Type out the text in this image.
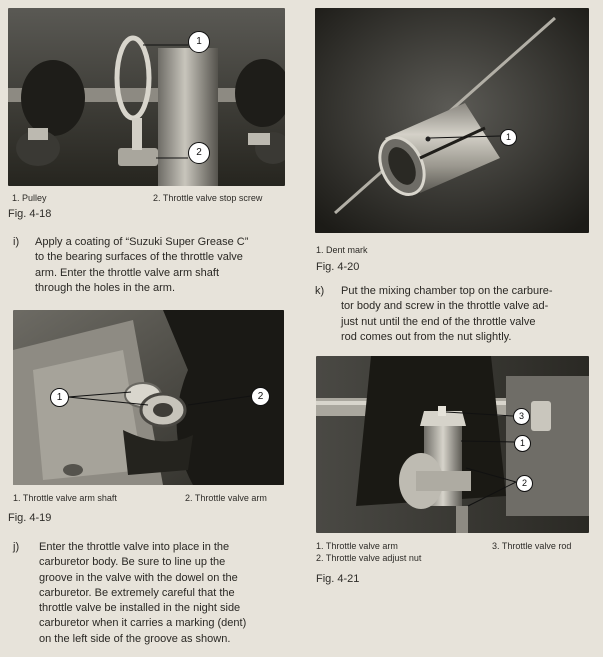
1
2
1. Pulley	2. Throttle valve stop screw
Fig. 4-18
i) Apply a coating of “Suzuki Super Grease C”
to the bearing surfaces of the throttle valve
arm. Enter the throttle valve arm shaft
through the holes in the arm.
1	2
1. Throttle valve arm shaft	2. Throttle valve arm
Fig. 4-19
j) Enter the throttle valve into place in the
carburetor body. Be sure to line up the
groove in the valve with the dowel on the
carburetor. Be extremely careful that the
throttle valve be installed in the night side
carburetor when it carries a marking (dent)
on the left side of the groove as shown.
1
1. Dent mark
Fig. 4-20
k) Put the mixing chamber top on the carbure-
tor body and screw in the throttle valve ad-
just nut until the end of the throttle valve
rod comes out from the nut slightly.
3
1
2
1. Throttle valve arm	3. Throttle valve rod
2. Throttle valve adjust nut
Fig. 4-21
